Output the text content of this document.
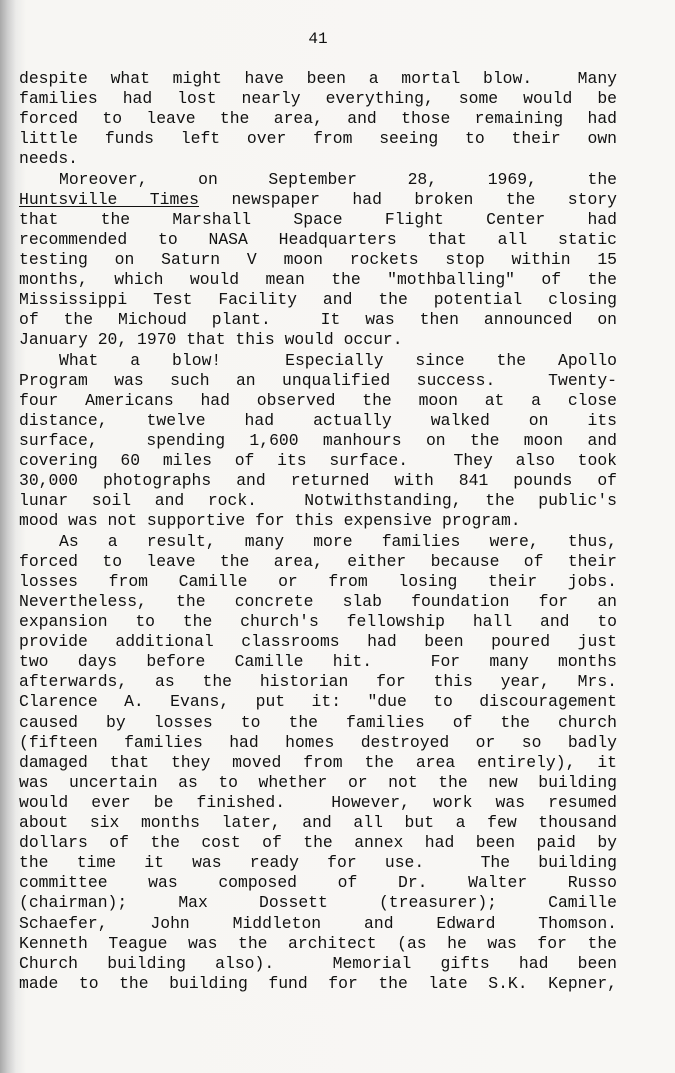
41
despite what might have been a mortal blow.  Many
families had lost nearly everything, some would be
forced to leave the area, and those remaining had
little funds left over from seeing to their own
needs.
Moreover,  on  September  28,  1969,  the
Huntsville Times newspaper had broken the story
that  the  Marshall  Space  Flight  Center  had
recommended to NASA Headquarters that all static
testing on Saturn V moon rockets stop within 15
months, which would mean the "mothballing" of the
Mississippi Test Facility and the potential closing
of the Michoud plant.  It was then announced on
January 20, 1970 that this would occur.
What a blow!  Especially since the Apollo
Program was such an unqualified success.  Twenty-
four Americans had observed the moon at a close
distance,  twelve  had  actually  walked  on  its
surface,  spending 1,600 manhours on the moon and
covering 60 miles of its surface.  They also took
30,000 photographs and returned with 841 pounds of
lunar soil and rock.  Notwithstanding, the public's
mood was not supportive for this expensive program.
As a result, many more families were, thus,
forced to leave the area, either because of their
losses from Camille or from losing their jobs.
Nevertheless, the concrete slab foundation for an
expansion to the church's fellowship hall and to
provide additional classrooms had been poured just
two days before Camille hit.  For many months
afterwards, as the historian for this year, Mrs.
Clarence A. Evans, put it: "due to discouragement
caused by losses to the families of the church
(fifteen families had homes destroyed or so badly
damaged that they moved from the area entirely), it
was uncertain as to whether or not the new building
would ever be finished.  However, work was resumed
about six months later, and all but a few thousand
dollars of the cost of the annex had been paid by
the time it was ready for use.  The building
committee  was  composed  of  Dr.  Walter  Russo
(chairman);  Max  Dossett  (treasurer);  Camille
Schaefer,  John  Middleton  and  Edward  Thomson.
Kenneth Teague was the architect (as he was for the
Church building also).  Memorial gifts had been
made to the building fund for the late S.K. Kepner,
